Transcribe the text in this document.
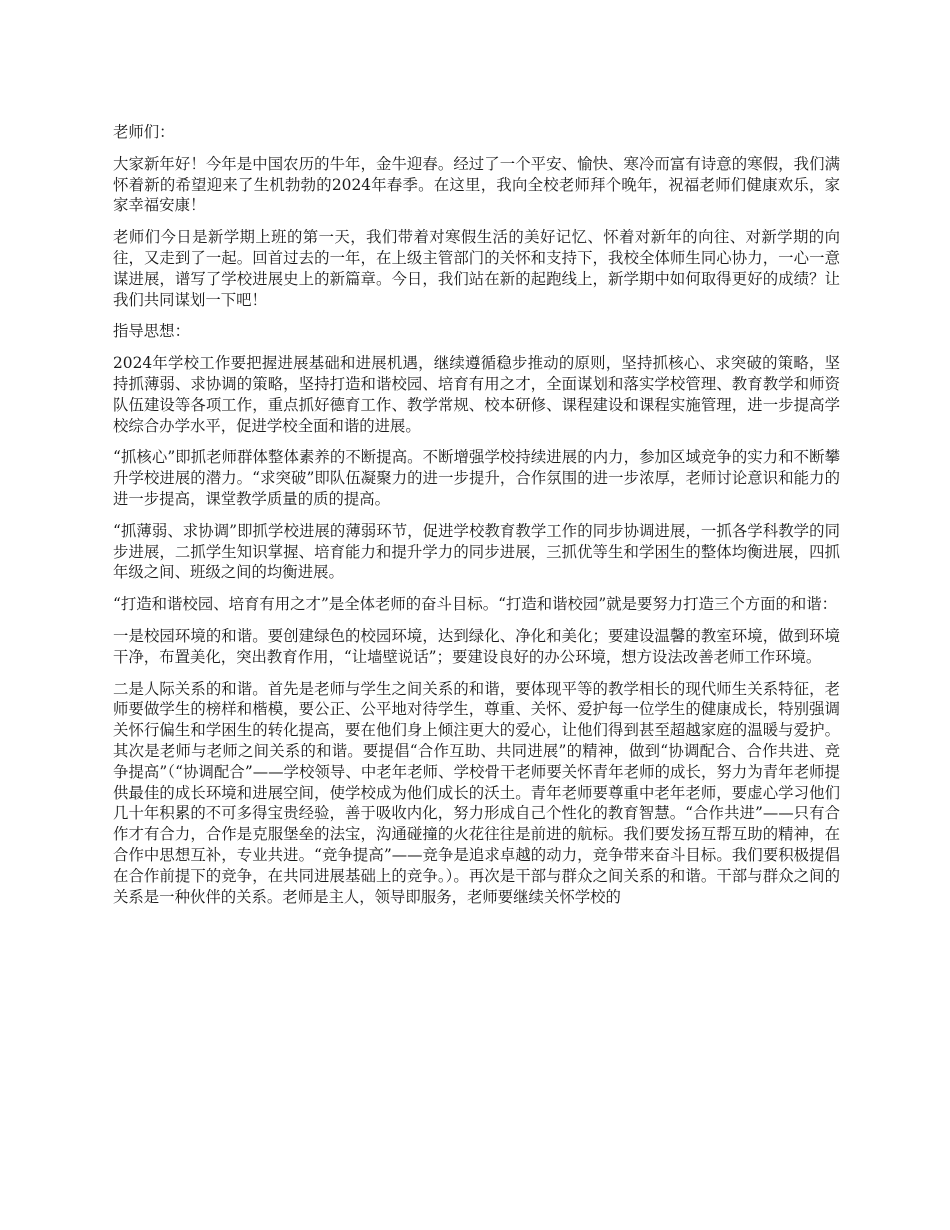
老师们：

大家新年好！今年是中国农历的牛年，金牛迎春。经过了一个平安、愉快、寒冷而富有诗意的寒假，我们满怀着新的希望迎来了生机勃勃的2024年春季。在这里，我向全校老师拜个晚年，祝福老师们健康欢乐，家家幸福安康！

老师们今日是新学期上班的第一天，我们带着对寒假生活的美好记忆、怀着对新年的向往、对新学期的向往，又走到了一起。回首过去的一年，在上级主管部门的关怀和支持下，我校全体师生同心协力，一心一意谋进展，谱写了学校进展史上的新篇章。今日，我们站在新的起跑线上，新学期中如何取得更好的成绩？让我们共同谋划一下吧！

指导思想：

2024年学校工作要把握进展基础和进展机遇，继续遵循稳步推动的原则，坚持抓核心、求突破的策略，坚持抓薄弱、求协调的策略，坚持打造和谐校园、培育有用之才，全面谋划和落实学校管理、教育教学和师资队伍建设等各项工作，重点抓好德育工作、教学常规、校本研修、课程建设和课程实施管理，进一步提高学校综合办学水平，促进学校全面和谐的进展。

“抓核心”即抓老师群体整体素养的不断提高。不断增强学校持续进展的内力，参加区域竞争的实力和不断攀升学校进展的潜力。“求突破”即队伍凝聚力的进一步提升，合作氛围的进一步浓厚，老师讨论意识和能力的进一步提高，课堂教学质量的质的提高。

“抓薄弱、求协调”即抓学校进展的薄弱环节，促进学校教育教学工作的同步协调进展，一抓各学科教学的同步进展，二抓学生知识掌握、培育能力和提升学力的同步进展，三抓优等生和学困生的整体均衡进展，四抓年级之间、班级之间的均衡进展。

“打造和谐校园、培育有用之才”是全体老师的奋斗目标。“打造和谐校园”就是要努力打造三个方面的和谐：

一是校园环境的和谐。要创建绿色的校园环境，达到绿化、净化和美化；要建设温馨的教室环境，做到环境干净，布置美化，突出教育作用，“让墙壁说话”；要建设良好的办公环境，想方设法改善老师工作环境。

二是人际关系的和谐。首先是老师与学生之间关系的和谐，要体现平等的教学相长的现代师生关系特征，老师要做学生的榜样和楷模，要公正、公平地对待学生，尊重、关怀、爱护每一位学生的健康成长，特别强调关怀行偏生和学困生的转化提高，要在他们身上倾注更大的爱心，让他们得到甚至超越家庭的温暖与爱护。其次是老师与老师之间关系的和谐。要提倡“合作互助、共同进展”的精神，做到“协调配合、合作共进、竞争提高”（“协调配合”——学校领导、中老年老师、学校骨干老师要关怀青年老师的成长，努力为青年老师提供最佳的成长环境和进展空间，使学校成为他们成长的沃土。青年老师要尊重中老年老师，要虚心学习他们几十年积累的不可多得宝贵经验，善于吸收内化，努力形成自己个性化的教育智慧。“合作共进”——只有合作才有合力，合作是克服堡垒的法宝，沟通碰撞的火花往往是前进的航标。我们要发扬互帮互助的精神，在合作中思想互补，专业共进。“竞争提高”——竞争是追求卓越的动力，竞争带来奋斗目标。我们要积极提倡在合作前提下的竞争，在共同进展基础上的竞争。）。再次是干部与群众之间关系的和谐。干部与群众之间的关系是一种伙伴的关系。老师是主人，领导即服务，老师要继续关怀学校的
